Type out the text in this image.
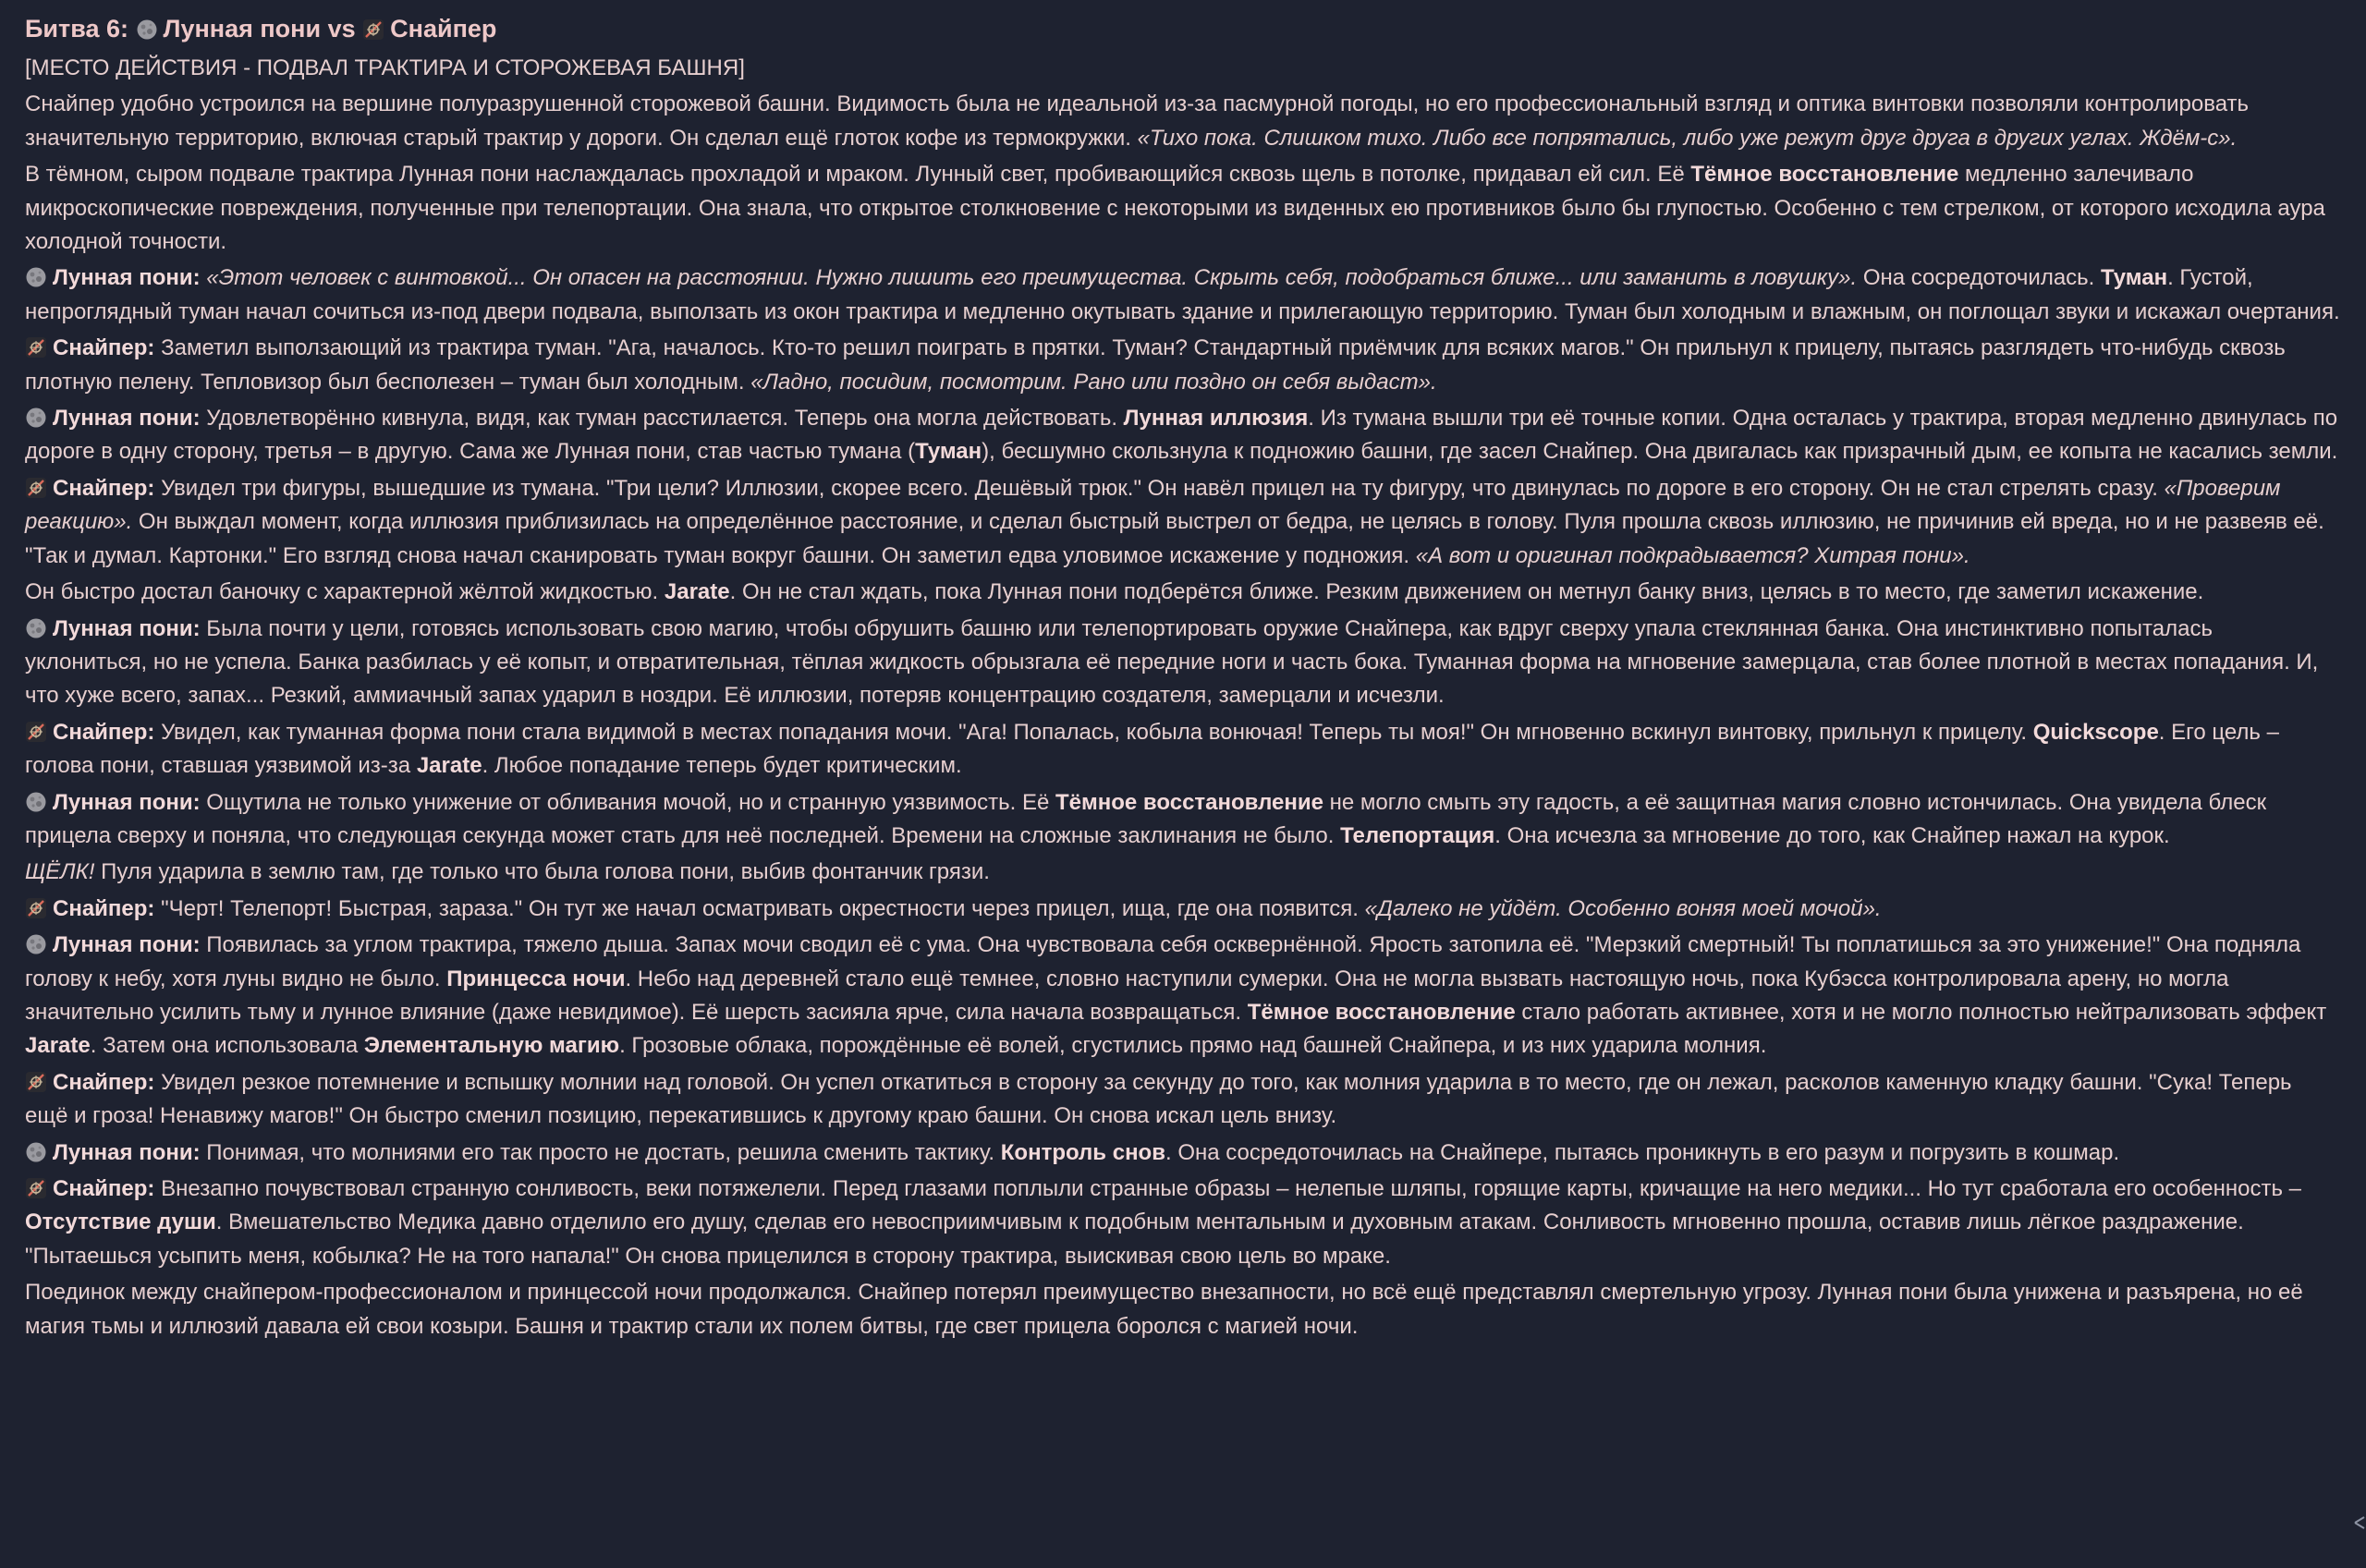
Битва 6: Лунная пони vs Снайпер
[МЕСТО ДЕЙСТВИЯ - ПОДВАЛ ТРАКТИРА И СТОРОЖЕВАЯ БАШНЯ]
Снайпер удобно устроился на вершине полуразрушенной сторожевой башни. Видимость была не идеальной из-за пасмурной погоды, но его профессиональный взгляд и оптика винтовки позволяли контролировать значительную территорию, включая старый трактир у дороги. Он сделал ещё глоток кофе из термокружки. «Тихо пока. Слишком тихо. Либо все попрятались, либо уже режут друг друга в других углах. Ждём-с».
В тёмном, сыром подвале трактира Лунная пони наслаждалась прохладой и мраком. Лунный свет, пробивающийся сквозь щель в потолке, придавал ей сил. Её Тёмное восстановление медленно залечивало микроскопические повреждения, полученные при телепортации. Она знала, что открытое столкновение с некоторыми из виденных ею противников было бы глупостью. Особенно с тем стрелком, от которого исходила аура холодной точности.
Лунная пони: «Этот человек с винтовкой... Он опасен на расстоянии. Нужно лишить его преимущества. Скрыть себя, подобраться ближе... или заманить в ловушку». Она сосредоточилась. Туман. Густой, непроглядный туман начал сочиться из-под двери подвала, выползать из окон трактира и медленно окутывать здание и прилегающую территорию. Туман был холодным и влажным, он поглощал звуки и искажал очертания.
Снайпер: Заметил выползающий из трактира туман. "Ага, началось. Кто-то решил поиграть в прятки. Туман? Стандартный приёмчик для всяких магов." Он прильнул к прицелу, пытаясь разглядеть что-нибудь сквозь плотную пелену. Тепловизор был бесполезен – туман был холодным. «Ладно, посидим, посмотрим. Рано или поздно он себя выдаст».
Лунная пони: Удовлетворённо кивнула, видя, как туман расстилается. Теперь она могла действовать. Лунная иллюзия. Из тумана вышли три её точные копии. Одна осталась у трактира, вторая медленно двинулась по дороге в одну сторону, третья – в другую. Сама же Лунная пони, став частью тумана (Туман), бесшумно скользнула к подножию башни, где засел Снайпер. Она двигалась как призрачный дым, ее копыта не касались земли.
Снайпер: Увидел три фигуры, вышедшие из тумана. "Три цели? Иллюзии, скорее всего. Дешёвый трюк." Он навёл прицел на ту фигуру, что двинулась по дороге в его сторону. Он не стал стрелять сразу. «Проверим реакцию». Он выждал момент, когда иллюзия приблизилась на определённое расстояние, и сделал быстрый выстрел от бедра, не целясь в голову. Пуля прошла сквозь иллюзию, не причинив ей вреда, но и не развеяв её. "Так и думал. Картонки." Его взгляд снова начал сканировать туман вокруг башни. Он заметил едва уловимое искажение у подножия. «А вот и оригинал подкрадывается? Хитрая пони».
Он быстро достал баночку с характерной жёлтой жидкостью. Jarate. Он не стал ждать, пока Лунная пони подберётся ближе. Резким движением он метнул банку вниз, целясь в то место, где заметил искажение.
Лунная пони: Была почти у цели, готовясь использовать свою магию, чтобы обрушить башню или телепортировать оружие Снайпера, как вдруг сверху упала стеклянная банка. Она инстинктивно попыталась уклониться, но не успела. Банка разбилась у её копыт, и отвратительная, тёплая жидкость обрызгала её передние ноги и часть бока. Туманная форма на мгновение замерцала, став более плотной в местах попадания. И, что хуже всего, запах... Резкий, аммиачный запах ударил в ноздри. Её иллюзии, потеряв концентрацию создателя, замерцали и исчезли.
Снайпер: Увидел, как туманная форма пони стала видимой в местах попадания мочи. "Ага! Попалась, кобыла вонючая! Теперь ты моя!" Он мгновенно вскинул винтовку, прильнул к прицелу. Quickscope. Его цель – голова пони, ставшая уязвимой из-за Jarate. Любое попадание теперь будет критическим.
Лунная пони: Ощутила не только унижение от обливания мочой, но и странную уязвимость. Её Тёмное восстановление не могло смыть эту гадость, а её защитная магия словно истончилась. Она увидела блеск прицела сверху и поняла, что следующая секунда может стать для неё последней. Времени на сложные заклинания не было. Телепортация. Она исчезла за мгновение до того, как Снайпер нажал на курок.
ЩЁЛК! Пуля ударила в землю там, где только что была голова пони, выбив фонтанчик грязи.
Снайпер: "Черт! Телепорт! Быстрая, зараза." Он тут же начал осматривать окрестности через прицел, ища, где она появится. «Далеко не уйдёт. Особенно воняя моей мочой».
Лунная пони: Появилась за углом трактира, тяжело дыша. Запах мочи сводил её с ума. Она чувствовала себя осквернённой. Ярость затопила её. "Мерзкий смертный! Ты поплатишься за это унижение!" Она подняла голову к небу, хотя луны видно не было. Принцесса ночи. Небо над деревней стало ещё темнее, словно наступили сумерки. Она не могла вызвать настоящую ночь, пока Кубэсса контролировала арену, но могла значительно усилить тьму и лунное влияние (даже невидимое). Её шерсть засияла ярче, сила начала возвращаться. Тёмное восстановление стало работать активнее, хотя и не могло полностью нейтрализовать эффект Jarate. Затем она использовала Элементальную магию. Грозовые облака, порождённые её волей, сгустились прямо над башней Снайпера, и из них ударила молния.
Снайпер: Увидел резкое потемнение и вспышку молнии над головой. Он успел откатиться в сторону за секунду до того, как молния ударила в то место, где он лежал, расколов каменную кладку башни. "Сука! Теперь ещё и гроза! Ненавижу магов!" Он быстро сменил позицию, перекатившись к другому краю башни. Он снова искал цель внизу.
Лунная пони: Понимая, что молниями его так просто не достать, решила сменить тактику. Контроль снов. Она сосредоточилась на Снайпере, пытаясь проникнуть в его разум и погрузить в кошмар.
Снайпер: Внезапно почувствовал странную сонливость, веки потяжелели. Перед глазами поплыли странные образы – нелепые шляпы, горящие карты, кричащие на него медики... Но тут сработала его особенность – Отсутствие души. Вмешательство Медика давно отделило его душу, сделав его невосприимчивым к подобным ментальным и духовным атакам. Сонливость мгновенно прошла, оставив лишь лёгкое раздражение. "Пытаешься усыпить меня, кобылка? Не на того напала!" Он снова прицелился в сторону трактира, выискивая свою цель во мраке.
Поединок между снайпером-профессионалом и принцессой ночи продолжался. Снайпер потерял преимущество внезапности, но всё ещё представлял смертельную угрозу. Лунная пони была унижена и разъярена, но её магия тьмы и иллюзий давала ей свои козыри. Башня и трактир стали их полем битвы, где свет прицела боролся с магией ночи.
